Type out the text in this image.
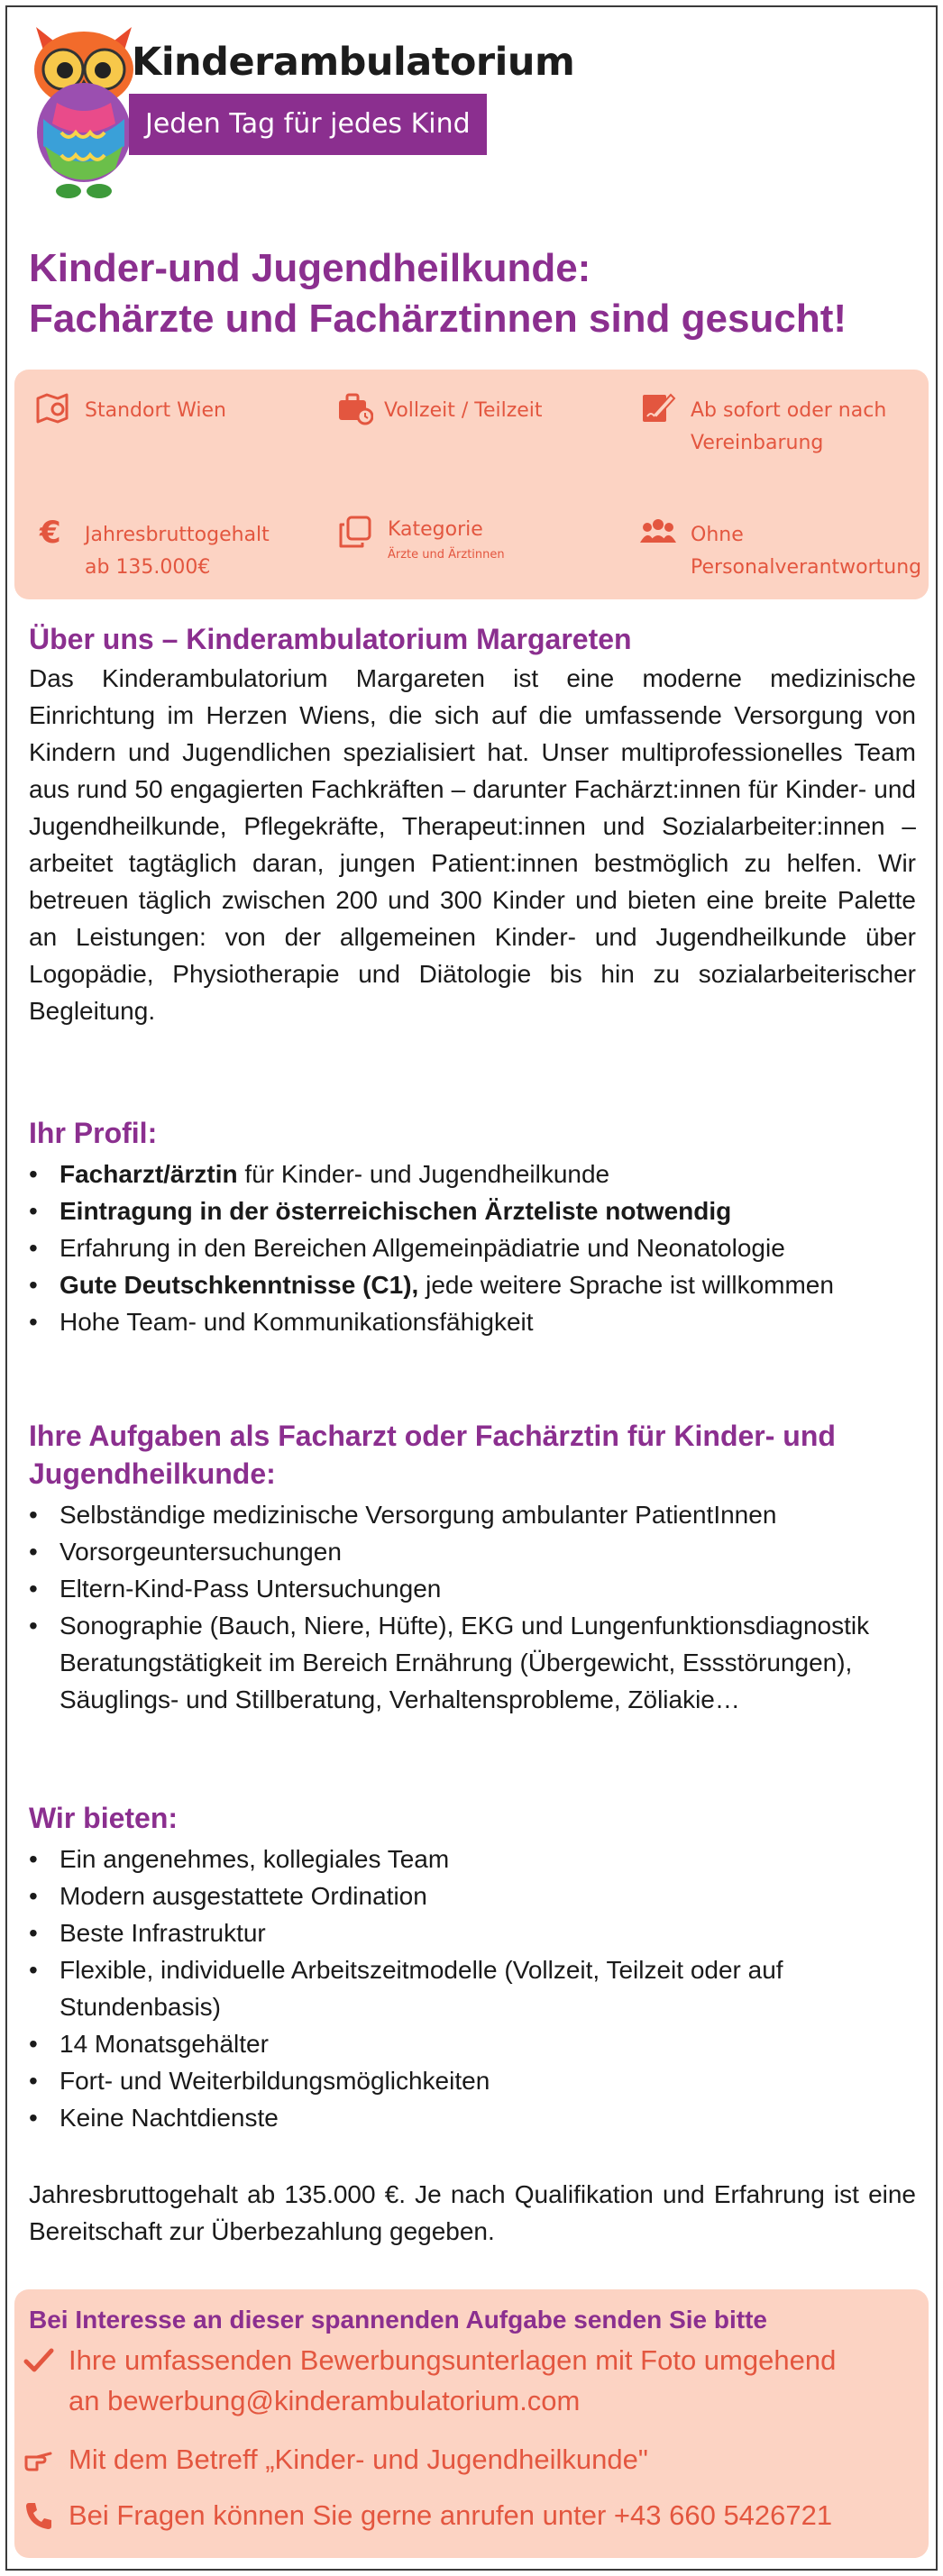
Kinderambulatorium
Jeden Tag für jedes Kind
Kinder-und Jugendheilkunde:
Fachärzte und Fachärztinnen sind gesucht!
Standort Wien	Vollzeit / Teilzeit	Ab sofort oder nach
Vereinbarung
€ Jahresbruttogehalt
ab 135.000€
Kategorie
Ärzte und Ärztinnen
Ohne
Personalverantwortung
Über uns – Kinderambulatorium Margareten

Das Kinderambulatorium Margareten ist eine moderne medizinische Einrichtung im Herzen Wiens, die sich auf die umfassende Versorgung von Kindern und Jugendlichen spezialisiert hat. Unser multiprofessionelles Team aus rund 50 engagierten Fachkräften – darunter Fachärzt:innen für Kinder- und Jugendheilkunde, Pflegekräfte, Therapeut:innen und Sozialarbeiter:innen – arbeitet tagtäglich daran, jungen Patient:innen bestmöglich zu helfen. Wir betreuen täglich zwischen 200 und 300 Kinder und bieten eine breite Palette an Leistungen: von der allgemeinen Kinder- und Jugendheilkunde über Logopädie, Physiotherapie und Diätologie bis hin zu sozialarbeiterischer Begleitung.

Ihr Profil:
• Facharzt/ärztin für Kinder- und Jugendheilkunde
• Eintragung in der österreichischen Ärzteliste notwendig
• Erfahrung in den Bereichen Allgemeinpädiatrie und Neonatologie
• Gute Deutschkenntnisse (C1), jede weitere Sprache ist willkommen
• Hohe Team- und Kommunikationsfähigkeit
Ihre Aufgaben als Facharzt oder Fachärztin für Kinder- und Jugendheilkunde:
• Selbständige medizinische Versorgung ambulanter PatientInnen
• Vorsorgeuntersuchungen
• Eltern-Kind-Pass Untersuchungen
• Sonographie (Bauch, Niere, Hüfte), EKG und Lungenfunktionsdiagnostik Beratungstätigkeit im Bereich Ernährung (Übergewicht, Essstörungen), Säuglings- und Stillberatung, Verhaltensprobleme, Zöliakie…
Wir bieten:
• Ein angenehmes, kollegiales Team
• Modern ausgestattete Ordination
• Beste Infrastruktur
• Flexible, individuelle Arbeitszeitmodelle (Vollzeit, Teilzeit oder auf Stundenbasis)
• 14 Monatsgehälter
• Fort- und Weiterbildungsmöglichkeiten
• Keine Nachtdienste

Jahresbruttogehalt ab 135.000 €. Je nach Qualifikation und Erfahrung ist eine Bereitschaft zur Überbezahlung gegeben.

Bei Interesse an dieser spannenden Aufgabe senden Sie bitte
Ihre umfassenden Bewerbungsunterlagen mit Foto umgehend
an bewerbung@kinderambulatorium.com
Mit dem Betreff „Kinder- und Jugendheilkunde"
Bei Fragen können Sie gerne anrufen unter +43 660 5426721
